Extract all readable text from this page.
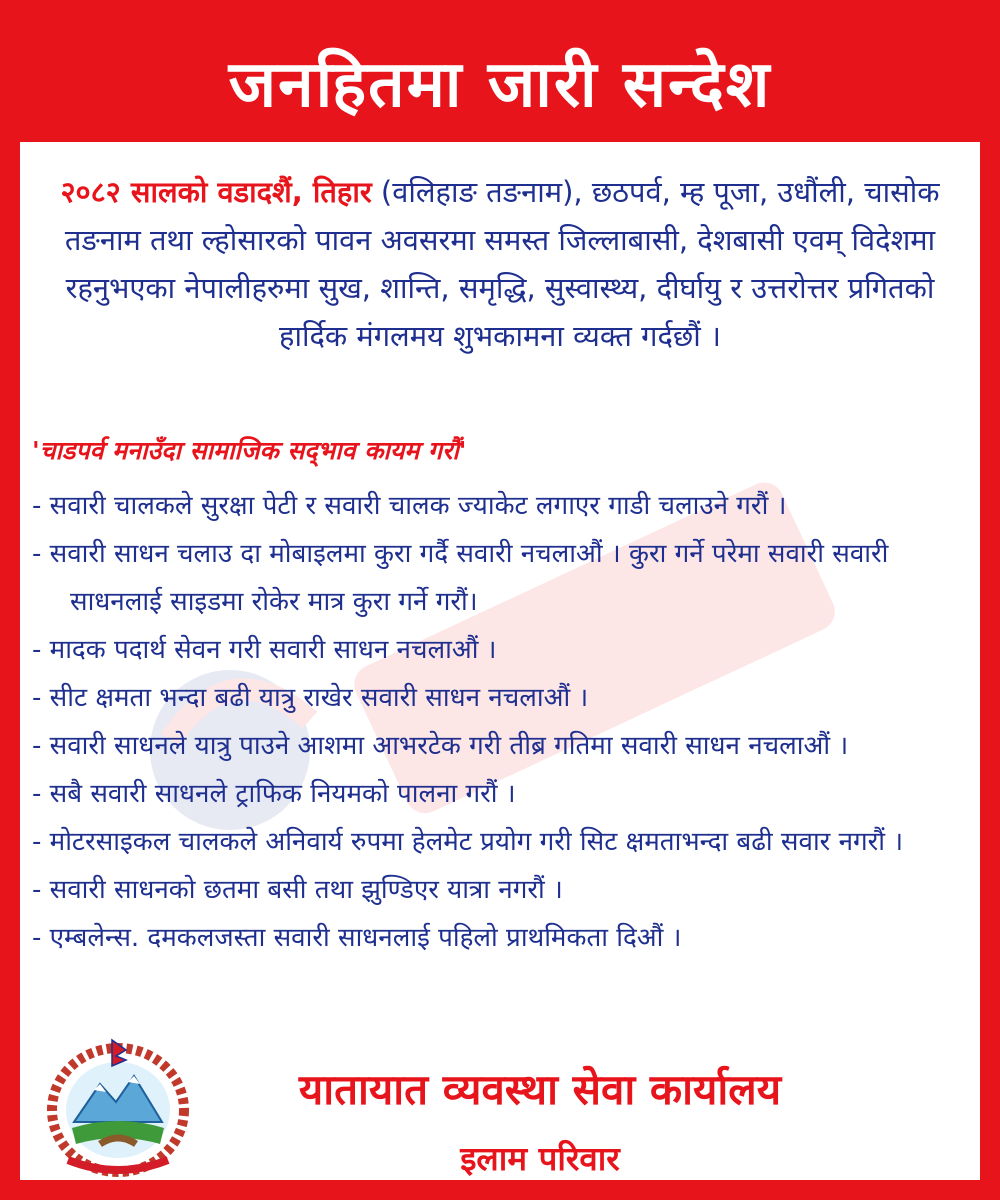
जनहितमा जारी सन्देश
२०८२ सालको वडादशैं, तिहार (वलिहाङ तङनाम), छठपर्व, म्ह पूजा, उधौंली, चासोक तङनाम तथा ल्होसारको पावन अवसरमा समस्त जिल्लाबासी, देशबासी एवम् विदेशमा रहनुभएका नेपालीहरुमा सुख, शान्ति, समृद्धि, सुस्वास्थ्य, दीर्घायु र उत्तरोत्तर प्रगितको हार्दिक मंगलमय शुभकामना व्यक्त गर्दछौं ।
'चाडपर्व मनाउँदा सामाजिक सद्‌भाव कायम गरौं'
- सवारी चालकले सुरक्षा पेटी र सवारी चालक ज्याकेट लगाएर गाडी चलाउने गरौं ।
- सवारी साधन चलाउ दा मोबाइलमा कुरा गर्दै सवारी नचलाऔं । कुरा गर्ने परेमा सवारी सवारी साधनलाई साइडमा रोकेर मात्र कुरा गर्ने गरौं।
- मादक पदार्थ सेवन गरी सवारी साधन नचलाऔं ।
- सीट क्षमता भन्दा बढी यात्रु राखेर सवारी साधन नचलाऔं ।
- सवारी साधनले यात्रु पाउने आशमा आभरटेक गरी तीब्र गतिमा सवारी साधन नचलाऔं ।
- सबै सवारी साधनले ट्राफिक नियमको पालना गरौं ।
- मोटरसाइकल चालकले अनिवार्य रुपमा हेलमेट प्रयोग गरी सिट क्षमताभन्दा बढी सवार नगरौं ।
- सवारी साधनको छतमा बसी तथा झुण्डिएर यात्रा नगरौं ।
- एम्बलेन्स. दमकलजस्ता सवारी साधनलाई पहिलो प्राथमिकता दिऔं ।
यातायात व्यवस्था सेवा कार्यालय
इलाम परिवार
